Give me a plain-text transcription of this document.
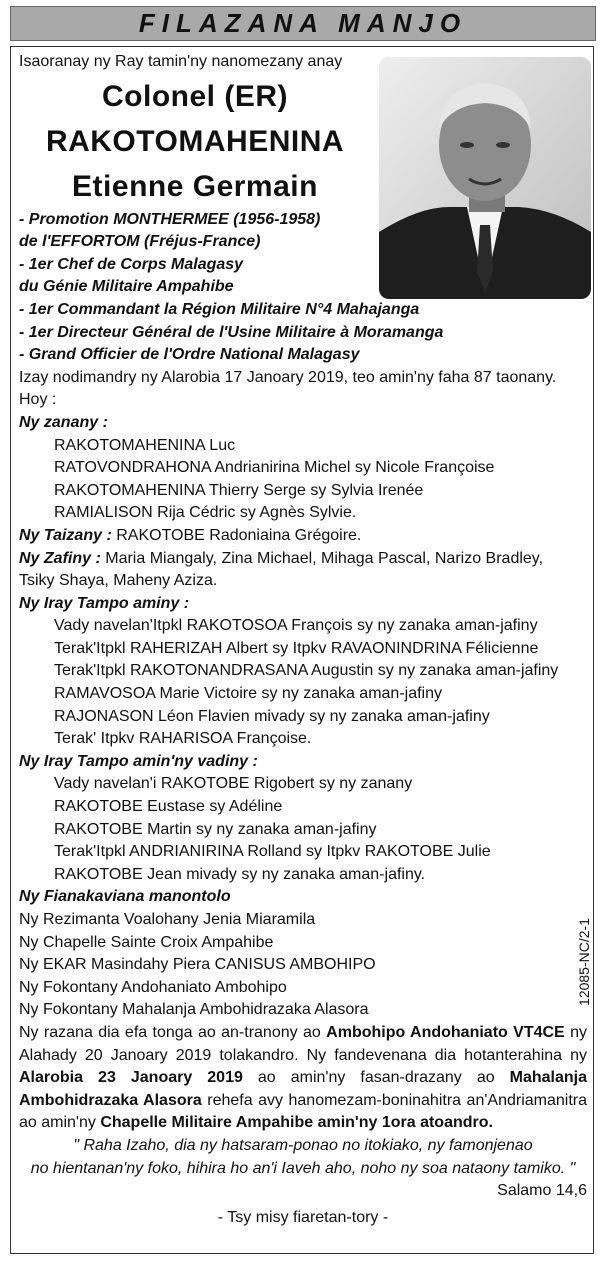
FILAZANA MANJO
Isaoranay ny Ray tamin'ny nanomezany anay
Colonel (ER)
RAKOTOMAHENINA
Etienne Germain
- Promotion MONTHERMEE (1956-1958)
de l'EFFORTOM (Fréjus-France)
- 1er Chef de Corps Malagasy
du Génie Militaire Ampahibe
- 1er Commandant la Région Militaire N°4 Mahajanga
- 1er Directeur Général de l'Usine Militaire à Moramanga
- Grand Officier de l'Ordre National Malagasy
Izay nodimandry ny Alarobia 17 Janoary 2019, teo amin'ny faha 87 taonany.
Hoy :
Ny zanany :
RAKOTOMAHENINA Luc
RATOVONDRAHONA Andrianirina Michel sy Nicole Françoise
RAKOTOMAHENINA Thierry Serge sy Sylvia Irenée
RAMIALISON Rija Cédric sy Agnès Sylvie.
Ny Taizany : RAKOTOBE Radoniaina Grégoire.
Ny Zafiny : Maria Miangaly, Zina Michael, Mihaga Pascal, Narizo Bradley,
Tsiky Shaya, Maheny Aziza.
Ny Iray Tampo aminy :
Vady navelan'Itpkl RAKOTOSOA François sy ny zanaka aman-jafiny
Terak'Itpkl RAHERIZAH Albert sy Itpkv RAVAONINDRINA Félicienne
Terak'Itpkl RAKOTONANDRASANA Augustin sy ny zanaka aman-jafiny
RAMAVOSOA Marie Victoire sy ny zanaka aman-jafiny
RAJONASON Léon Flavien mivady sy ny zanaka aman-jafiny
Terak' Itpkv RAHARISOA Françoise.
Ny Iray Tampo amin'ny vadiny :
Vady navelan'i RAKOTOBE Rigobert sy ny zanany
RAKOTOBE Eustase sy Adéline
RAKOTOBE Martin sy ny zanaka aman-jafiny
Terak'Itpkl ANDRIANIRINA Rolland sy Itpkv RAKOTOBE Julie
RAKOTOBE Jean mivady sy ny zanaka aman-jafiny.
Ny Fianakaviana manontolo
Ny Rezimanta Voalohany Jenia Miaramila
Ny Chapelle Sainte Croix Ampahibe
Ny EKAR Masindahy Piera CANISUS AMBOHIPO
Ny Fokontany Andohaniato Ambohipo
Ny Fokontany Mahalanja Ambohidrazaka Alasora
Ny razana dia efa tonga ao an-tranony ao Ambohipo Andohaniato VT4CE ny Alahady 20 Janoary 2019 tolakandro. Ny fandevenana dia hotanterahina ny Alarobia 23 Janoary 2019 ao amin'ny fasan-drazany ao Mahalanja Ambohidrazaka Alasora rehefa avy hanomezam-boninahitra an'Andriamanitra ao amin'ny Chapelle Militaire Ampahibe amin'ny 1ora atoandro.
" Raha Izaho, dia ny hatsaram-ponao no itokiako, ny famonjenao
no hientanan'ny foko, hihira ho an'i Iaveh aho, noho ny soa nataony tamiko. "
Salamo 14,6
- Tsy misy fiaretan-tory -
12085-NC/2-1
